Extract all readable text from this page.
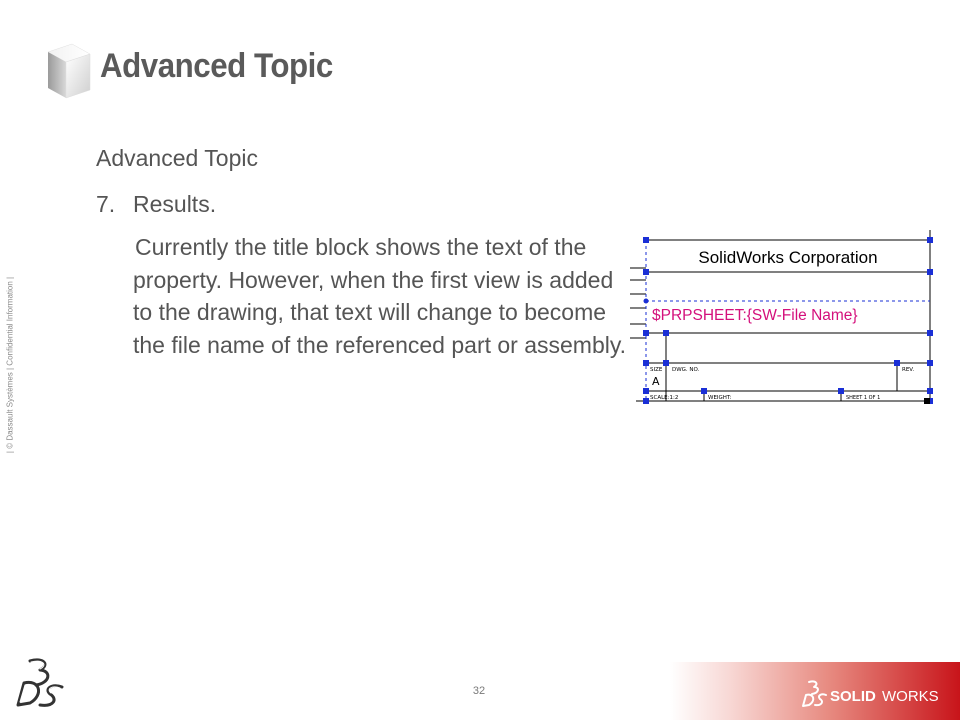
Advanced Topic
| © Dassault Systèmes | Confidential Information |
Advanced Topic
7. Results.
Currently the title block shows the text of the property. However, when the first view is added to the drawing, that text will change to become the file name of the referenced part or assembly.
SolidWorks Corporation
$PRPSHEET:{SW-File Name}
SIZE
A
DWG. NO.	REV.
SCALE:1:2	WEIGHT:	SHEET 1 OF 1
32	SOLID WORKS
